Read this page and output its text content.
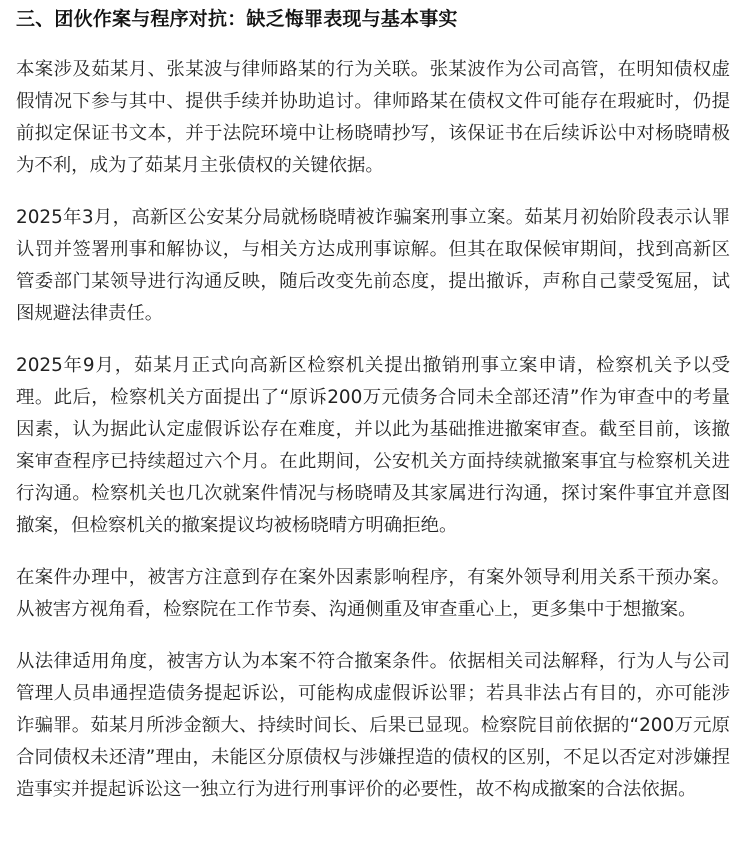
三、团伙作案与程序对抗：缺乏悔罪表现与基本事实

本案涉及茹某月、张某波与律师路某的行为关联。张某波作为公司高管，在明知债权虚假情况下参与其中、提供手续并协助追讨。律师路某在债权文件可能存在瑕疵时，仍提前拟定保证书文本，并于法院环境中让杨晓晴抄写，该保证书在后续诉讼中对杨晓晴极为不利，成为了茹某月主张债权的关键依据。

2025年3月，高新区公安某分局就杨晓晴被诈骗案刑事立案。茹某月初始阶段表示认罪认罚并签署刑事和解协议，与相关方达成刑事谅解。但其在取保候审期间，找到高新区管委部门某领导进行沟通反映，随后改变先前态度，提出撤诉，声称自己蒙受冤屈，试图规避法律责任。

2025年9月，茹某月正式向高新区检察机关提出撤销刑事立案申请，检察机关予以受理。此后，检察机关方面提出了“原诉200万元债务合同未全部还清”作为审查中的考量因素，认为据此认定虚假诉讼存在难度，并以此为基础推进撤案审查。截至目前，该撤案审查程序已持续超过六个月。在此期间，公安机关方面持续就撤案事宜与检察机关进行沟通。检察机关也几次就案件情况与杨晓晴及其家属进行沟通，探讨案件事宜并意图撤案，但检察机关的撤案提议均被杨晓晴方明确拒绝。

在案件办理中，被害方注意到存在案外因素影响程序，有案外领导利用关系干预办案。从被害方视角看，检察院在工作节奏、沟通侧重及审查重心上，更多集中于想撤案。

从法律适用角度，被害方认为本案不符合撤案条件。依据相关司法解释，行为人与公司管理人员串通捏造债务提起诉讼，可能构成虚假诉讼罪；若具非法占有目的，亦可能涉诈骗罪。茹某月所涉金额大、持续时间长、后果已显现。检察院目前依据的“200万元原合同债权未还清”理由，未能区分原债权与涉嫌捏造的债权的区别，不足以否定对涉嫌捏造事实并提起诉讼这一独立行为进行刑事评价的必要性，故不构成撤案的合法依据。
